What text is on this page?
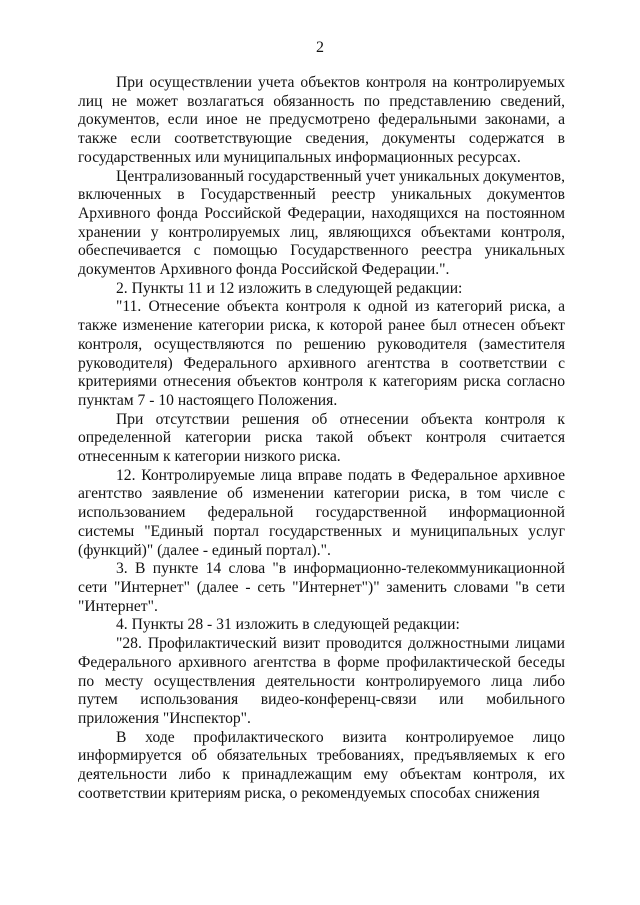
2

При осуществлении учета объектов контроля на контролируемых лиц не может возлагаться обязанность по представлению сведений, документов, если иное не предусмотрено федеральными законами, а также если соответствующие сведения, документы содержатся в государственных или муниципальных информационных ресурсах.

Централизованный государственный учет уникальных документов, включенных в Государственный реестр уникальных документов Архивного фонда Российской Федерации, находящихся на постоянном хранении у контролируемых лиц, являющихся объектами контроля, обеспечивается с помощью Государственного реестра уникальных документов Архивного фонда Российской Федерации.".

2. Пункты 11 и 12 изложить в следующей редакции:

"11. Отнесение объекта контроля к одной из категорий риска, а также изменение категории риска, к которой ранее был отнесен объект контроля, осуществляются по решению руководителя (заместителя руководителя) Федерального архивного агентства в соответствии с критериями отнесения объектов контроля к категориям риска согласно пунктам 7 - 10 настоящего Положения.

При отсутствии решения об отнесении объекта контроля к определенной категории риска такой объект контроля считается отнесенным к категории низкого риска.

12. Контролируемые лица вправе подать в Федеральное архивное агентство заявление об изменении категории риска, в том числе с использованием федеральной государственной информационной системы "Единый портал государственных и муниципальных услуг (функций)" (далее - единый портал).".

3. В пункте 14 слова "в информационно-телекоммуникационной сети "Интернет" (далее - сеть "Интернет")" заменить словами "в сети "Интернет".

4. Пункты 28 - 31 изложить в следующей редакции:

"28. Профилактический визит проводится должностными лицами Федерального архивного агентства в форме профилактической беседы по месту осуществления деятельности контролируемого лица либо путем использования видео-конференц-связи или мобильного приложения "Инспектор".

В ходе профилактического визита контролируемое лицо информируется об обязательных требованиях, предъявляемых к его деятельности либо к принадлежащим ему объектам контроля, их соответствии критериям риска, о рекомендуемых способах снижения
